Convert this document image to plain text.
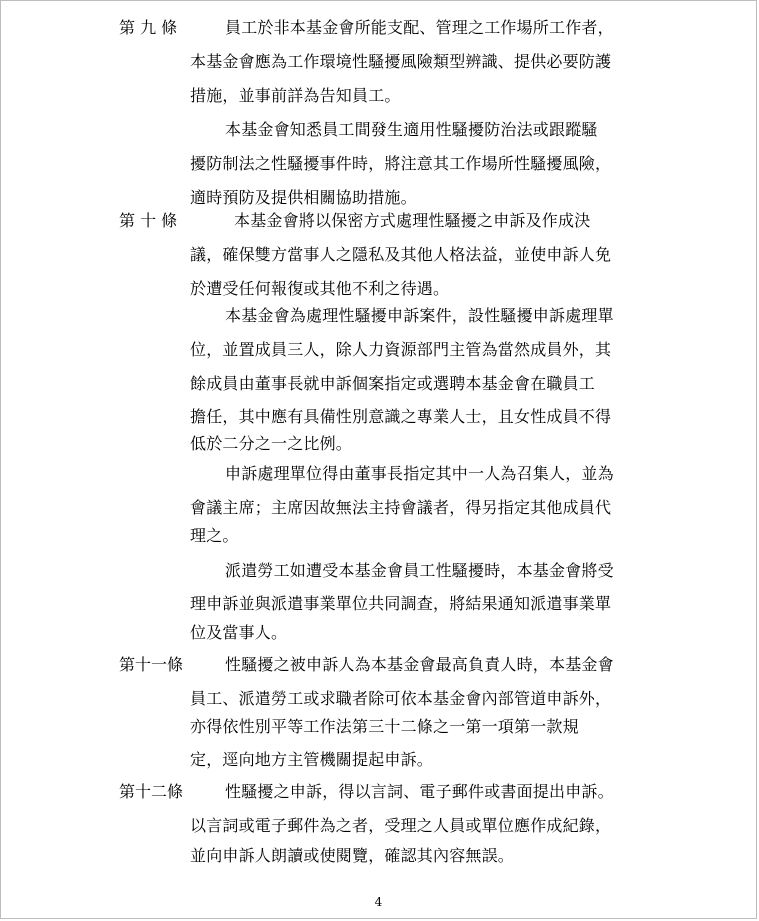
第 九 條	員工於非本基金會所能支配、管理之工作場所工作者，
本基金會應為工作環境性騷擾風險類型辨識、提供必要防護
措施，並事前詳為告知員工。
本基金會知悉員工間發生適用性騷擾防治法或跟蹤騷
擾防制法之性騷擾事件時，將注意其工作場所性騷擾風險，
適時預防及提供相關協助措施。
第 十 條	本基金會將以保密方式處理性騷擾之申訴及作成決
議，確保雙方當事人之隱私及其他人格法益，並使申訴人免
於遭受任何報復或其他不利之待遇。
本基金會為處理性騷擾申訴案件，設性騷擾申訴處理單
位，並置成員三人，除人力資源部門主管為當然成員外，其
餘成員由董事長就申訴個案指定或選聘本基金會在職員工
擔任，其中應有具備性別意識之專業人士，且女性成員不得
低於二分之一之比例。
申訴處理單位得由董事長指定其中一人為召集人，並為
會議主席；主席因故無法主持會議者，得另指定其他成員代
理之。
派遣勞工如遭受本基金會員工性騷擾時，本基金會將受
理申訴並與派遣事業單位共同調查，將結果通知派遣事業單
位及當事人。
第十一條	性騷擾之被申訴人為本基金會最高負責人時，本基金會
員工、派遣勞工或求職者除可依本基金會內部管道申訴外，
亦得依性別平等工作法第三十二條之一第一項第一款規
定，逕向地方主管機關提起申訴。
第十二條	性騷擾之申訴，得以言詞、電子郵件或書面提出申訴。
以言詞或電子郵件為之者，受理之人員或單位應作成紀錄，
並向申訴人朗讀或使閱覽，確認其內容無誤。
4
